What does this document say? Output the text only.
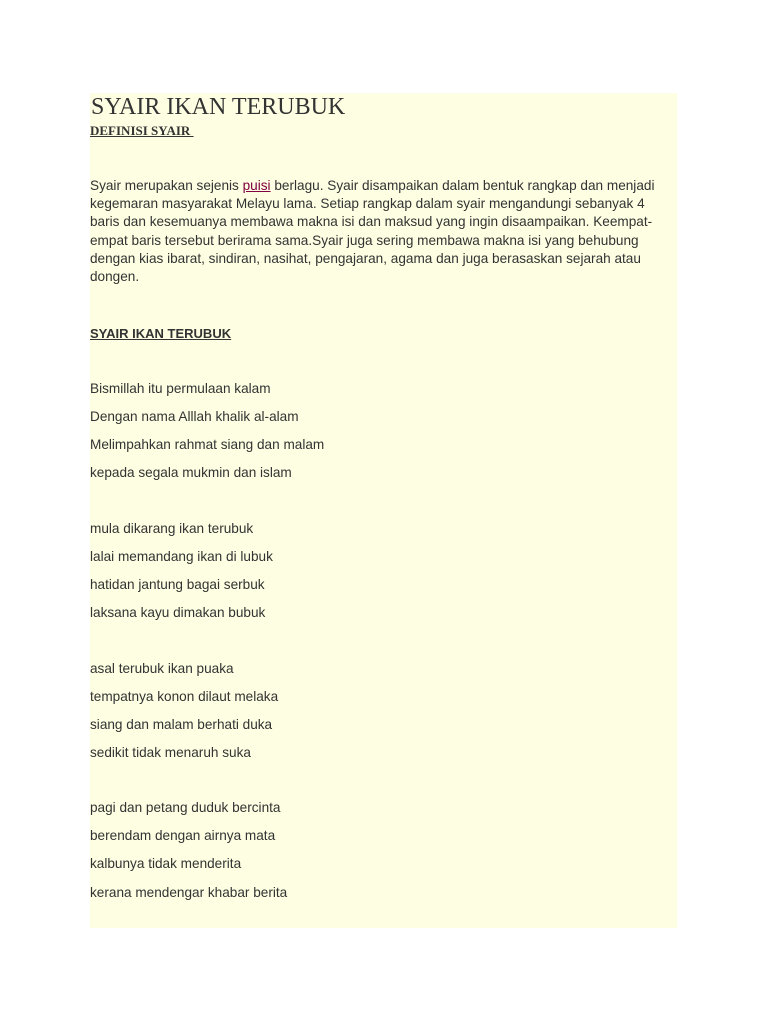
SYAIR IKAN TERUBUK
DEFINISI SYAIR

Syair merupakan sejenis puisi berlagu. Syair disampaikan dalam bentuk rangkap dan menjadi kegemaran masyarakat Melayu lama. Setiap rangkap dalam syair mengandungi sebanyak 4 baris dan kesemuanya membawa makna isi dan maksud yang ingin disaampaikan. Keempat-empat baris tersebut berirama sama.Syair juga sering membawa makna isi yang behubung dengan kias ibarat, sindiran, nasihat, pengajaran, agama dan juga berasaskan sejarah atau dongen.

SYAIR IKAN TERUBUK

Bismillah itu permulaan kalam

Dengan nama Alllah khalik al-alam

Melimpahkan rahmat siang dan malam

kepada segala mukmin dan islam

mula dikarang ikan terubuk

lalai memandang ikan di lubuk

hatidan jantung bagai serbuk

laksana kayu dimakan bubuk

asal terubuk ikan puaka

tempatnya konon dilaut melaka

siang dan malam berhati duka

sedikit tidak menaruh suka

pagi dan petang duduk bercinta

berendam dengan airnya mata

kalbunya tidak menderita

kerana mendengar khabar berita
